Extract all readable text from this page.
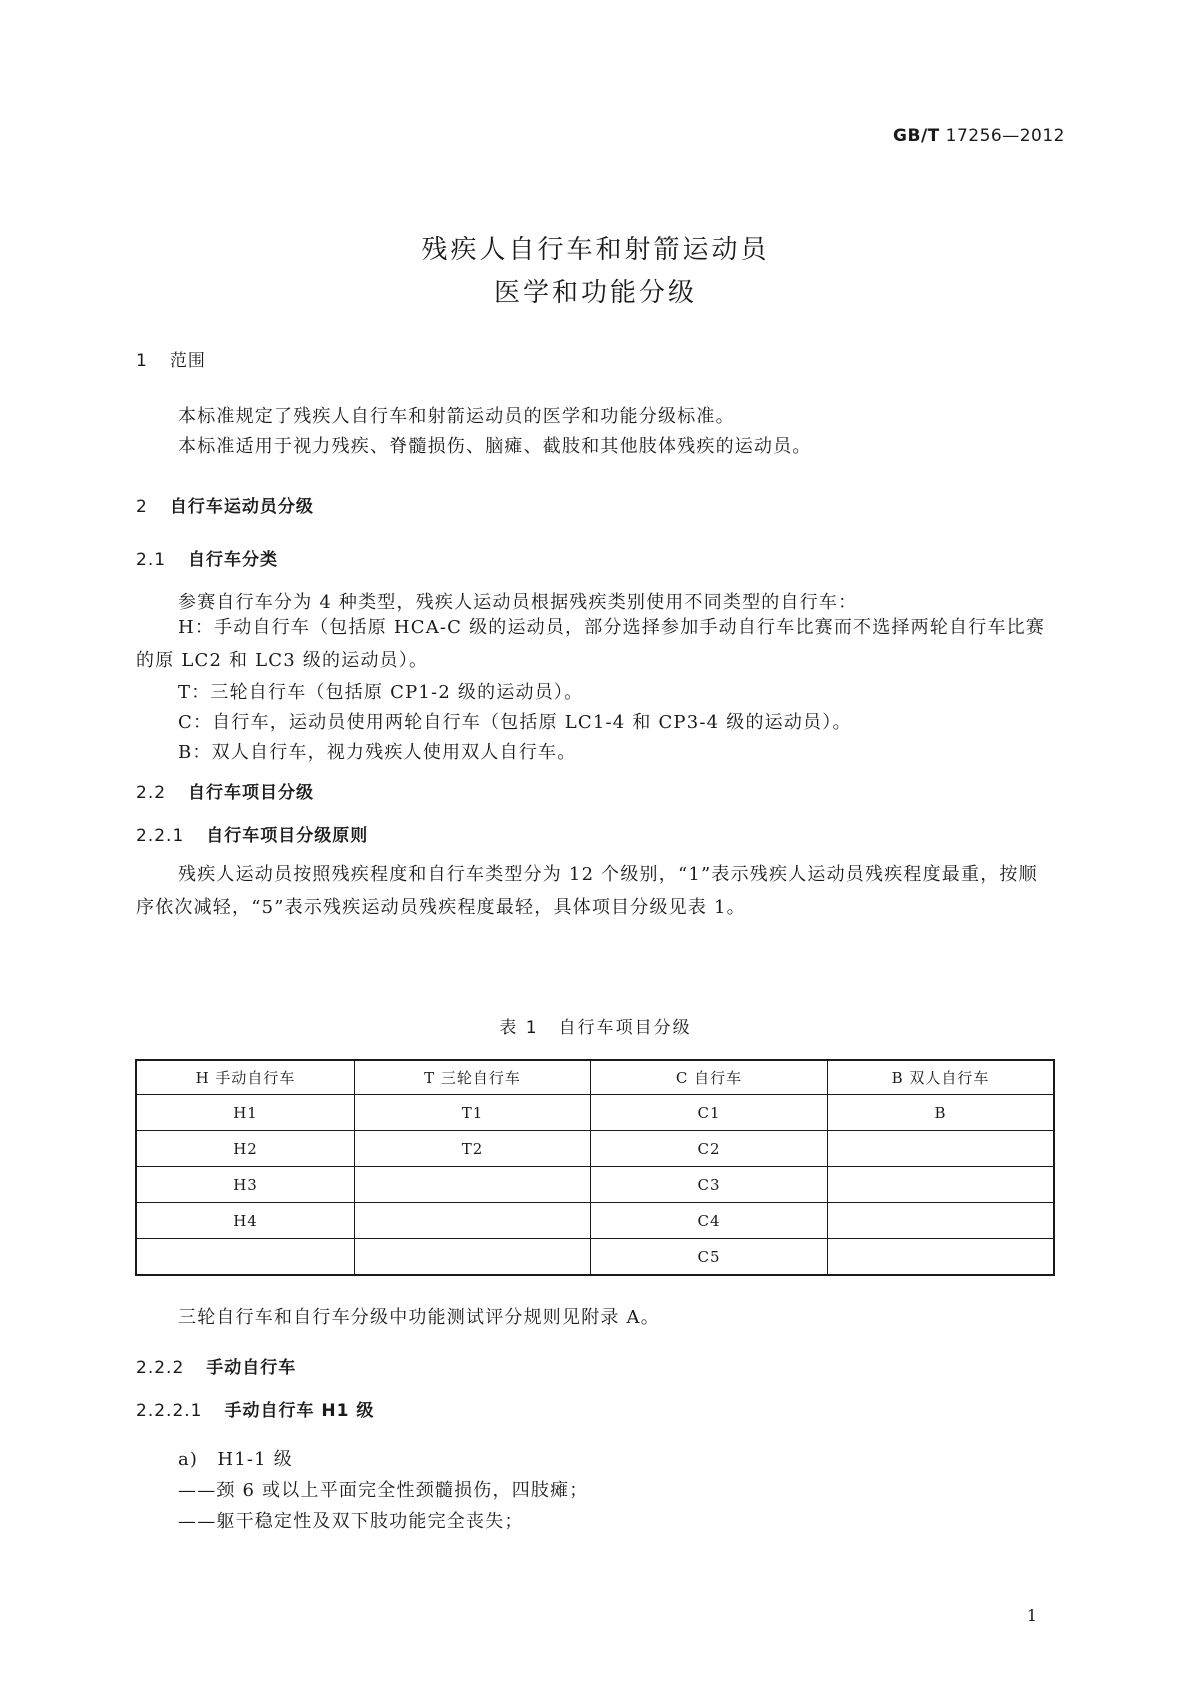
GB/T 17256—2012
残疾人自行车和射箭运动员
医学和功能分级
1 范围
本标准规定了残疾人自行车和射箭运动员的医学和功能分级标准。
本标准适用于视力残疾、脊髓损伤、脑瘫、截肢和其他肢体残疾的运动员。
2 自行车运动员分级
2.1 自行车分类
参赛自行车分为 4 种类型，残疾人运动员根据残疾类别使用不同类型的自行车：
H：手动自行车（包括原 HCA-C 级的运动员，部分选择参加手动自行车比赛而不选择两轮自行车比赛的原 LC2 和 LC3 级的运动员）。
T：三轮自行车（包括原 CP1-2 级的运动员）。
C：自行车，运动员使用两轮自行车（包括原 LC1-4 和 CP3-4 级的运动员）。
B：双人自行车，视力残疾人使用双人自行车。
2.2 自行车项目分级
2.2.1 自行车项目分级原则
残疾人运动员按照残疾程度和自行车类型分为 12 个级别，“1”表示残疾人运动员残疾程度最重，按顺序依次减轻，“5”表示残疾运动员残疾程度最轻，具体项目分级见表 1。
表 1 自行车项目分级
H 手动自行车	T 三轮自行车	C 自行车	B 双人自行车
H1	T1	C1	B
H2	T2	C2	
H3		C3	
H4		C4	
		C5	
三轮自行车和自行车分级中功能测试评分规则见附录 A。
2.2.2 手动自行车
2.2.2.1 手动自行车 H1 级
a)　H1-1 级
——颈 6 或以上平面完全性颈髓损伤，四肢瘫；
——躯干稳定性及双下肢功能完全丧失；
1
